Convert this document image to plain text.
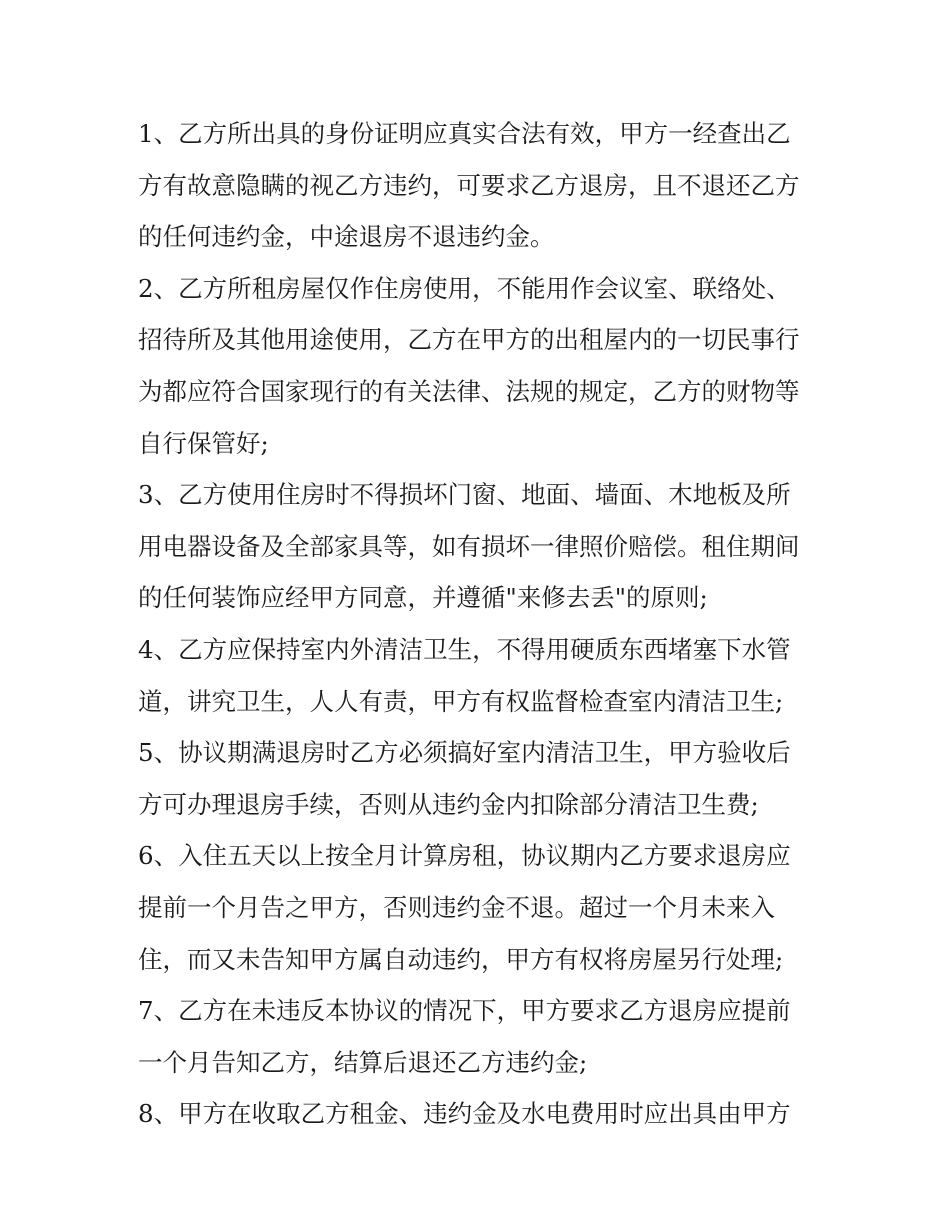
1、乙方所出具的身份证明应真实合法有效，甲方一经查出乙
方有故意隐瞒的视乙方违约，可要求乙方退房，且不退还乙方
的任何违约金，中途退房不退违约金。
2、乙方所租房屋仅作住房使用，不能用作会议室、联络处、
招待所及其他用途使用，乙方在甲方的出租屋内的一切民事行
为都应符合国家现行的有关法律、法规的规定，乙方的财物等
自行保管好;
3、乙方使用住房时不得损坏门窗、地面、墙面、木地板及所
用电器设备及全部家具等，如有损坏一律照价赔偿。租住期间
的任何装饰应经甲方同意，并遵循"来修去丢"的原则;
4、乙方应保持室内外清洁卫生，不得用硬质东西堵塞下水管
道，讲究卫生，人人有责，甲方有权监督检查室内清洁卫生;
5、协议期满退房时乙方必须搞好室内清洁卫生，甲方验收后
方可办理退房手续，否则从违约金内扣除部分清洁卫生费;
6、入住五天以上按全月计算房租，协议期内乙方要求退房应
提前一个月告之甲方，否则违约金不退。超过一个月未来入
住，而又未告知甲方属自动违约，甲方有权将房屋另行处理;
7、乙方在未违反本协议的情况下，甲方要求乙方退房应提前
一个月告知乙方，结算后退还乙方违约金;
8、甲方在收取乙方租金、违约金及水电费用时应出具由甲方
